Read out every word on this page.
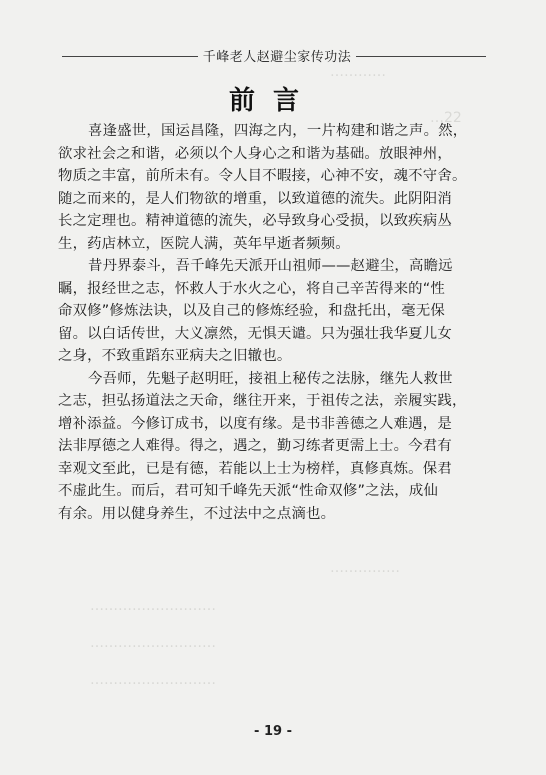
…………
…22
……………
………………………
………………………
………………………
千峰老人赵避尘家传功法
前言
喜逢盛世，国运昌隆，四海之内，一片构建和谐之声。然，
欲求社会之和谐，必须以个人身心之和谐为基础。放眼神州，
物质之丰富，前所未有。令人目不暇接，心神不安，魂不守舍。
随之而来的，是人们物欲的增重，以致道德的流失。此阴阳消
长之定理也。精神道德的流失，必导致身心受损，以致疾病丛
生，药店林立，医院人满，英年早逝者频频。
昔丹界泰斗，吾千峰先天派开山祖师——赵避尘，高瞻远
瞩，报经世之志，怀救人于水火之心，将自己辛苦得来的“性
命双修”修炼法诀，以及自己的修炼经验，和盘托出，毫无保
留。以白话传世，大义凛然，无惧天谴。只为强壮我华夏儿女
之身，不致重蹈东亚病夫之旧辙也。
今吾师，先魁子赵明旺，接祖上秘传之法脉，继先人救世
之志，担弘扬道法之天命，继往开来，于祖传之法，亲履实践，
增补添益。今修订成书，以度有缘。是书非善德之人难遇，是
法非厚德之人难得。得之，遇之，勤习练者更需上士。今君有
幸观文至此，已是有德，若能以上士为榜样，真修真炼。保君
不虚此生。而后，君可知千峰先天派“性命双修”之法，成仙
有余。用以健身养生，不过法中之点滴也。
- 19 -
